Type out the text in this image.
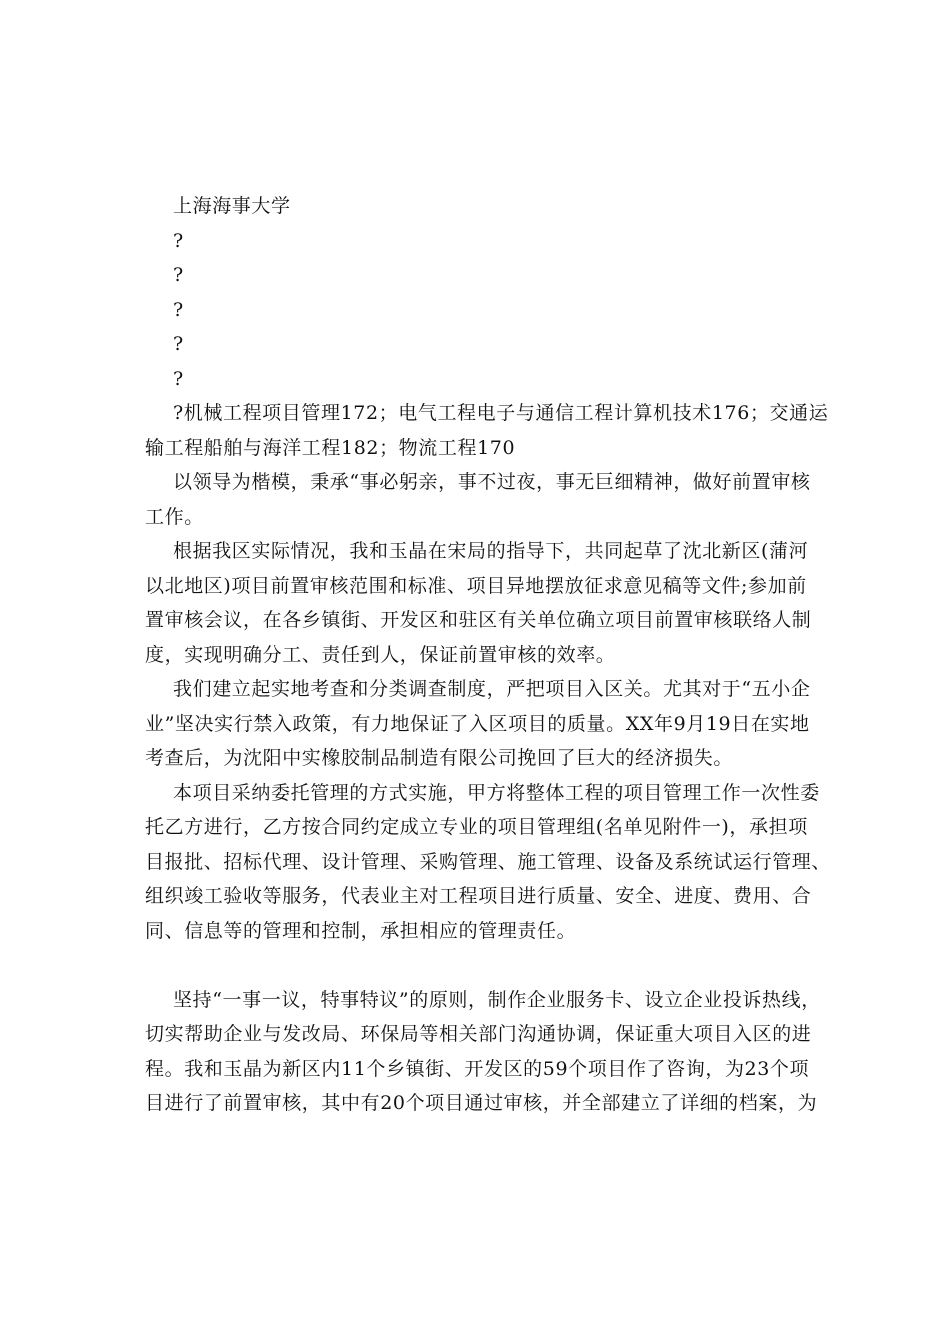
上海海事大学
?
?
?
?
?
?机械工程项目管理172；电气工程电子与通信工程计算机技术176；交通运
输工程船舶与海洋工程182；物流工程170
以领导为楷模，秉承“事必躬亲，事不过夜，事无巨细精神，做好前置审核
工作。
根据我区实际情况，我和玉晶在宋局的指导下，共同起草了沈北新区(蒲河
以北地区)项目前置审核范围和标准、项目异地摆放征求意见稿等文件;参加前
置审核会议，在各乡镇街、开发区和驻区有关单位确立项目前置审核联络人制
度，实现明确分工、责任到人，保证前置审核的效率。
我们建立起实地考查和分类调查制度，严把项目入区关。尤其对于“五小企
业”坚决实行禁入政策，有力地保证了入区项目的质量。XX年9月19日在实地
考查后，为沈阳中实橡胶制品制造有限公司挽回了巨大的经济损失。
本项目采纳委托管理的方式实施，甲方将整体工程的项目管理工作一次性委
托乙方进行，乙方按合同约定成立专业的项目管理组(名单见附件一)，承担项
目报批、招标代理、设计管理、采购管理、施工管理、设备及系统试运行管理、
组织竣工验收等服务，代表业主对工程项目进行质量、安全、进度、费用、合
同、信息等的管理和控制，承担相应的管理责任。
坚持“一事一议，特事特议”的原则，制作企业服务卡、设立企业投诉热线，
切实帮助企业与发改局、环保局等相关部门沟通协调，保证重大项目入区的进
程。我和玉晶为新区内11个乡镇街、开发区的59个项目作了咨询，为23个项
目进行了前置审核，其中有20个项目通过审核，并全部建立了详细的档案，为
